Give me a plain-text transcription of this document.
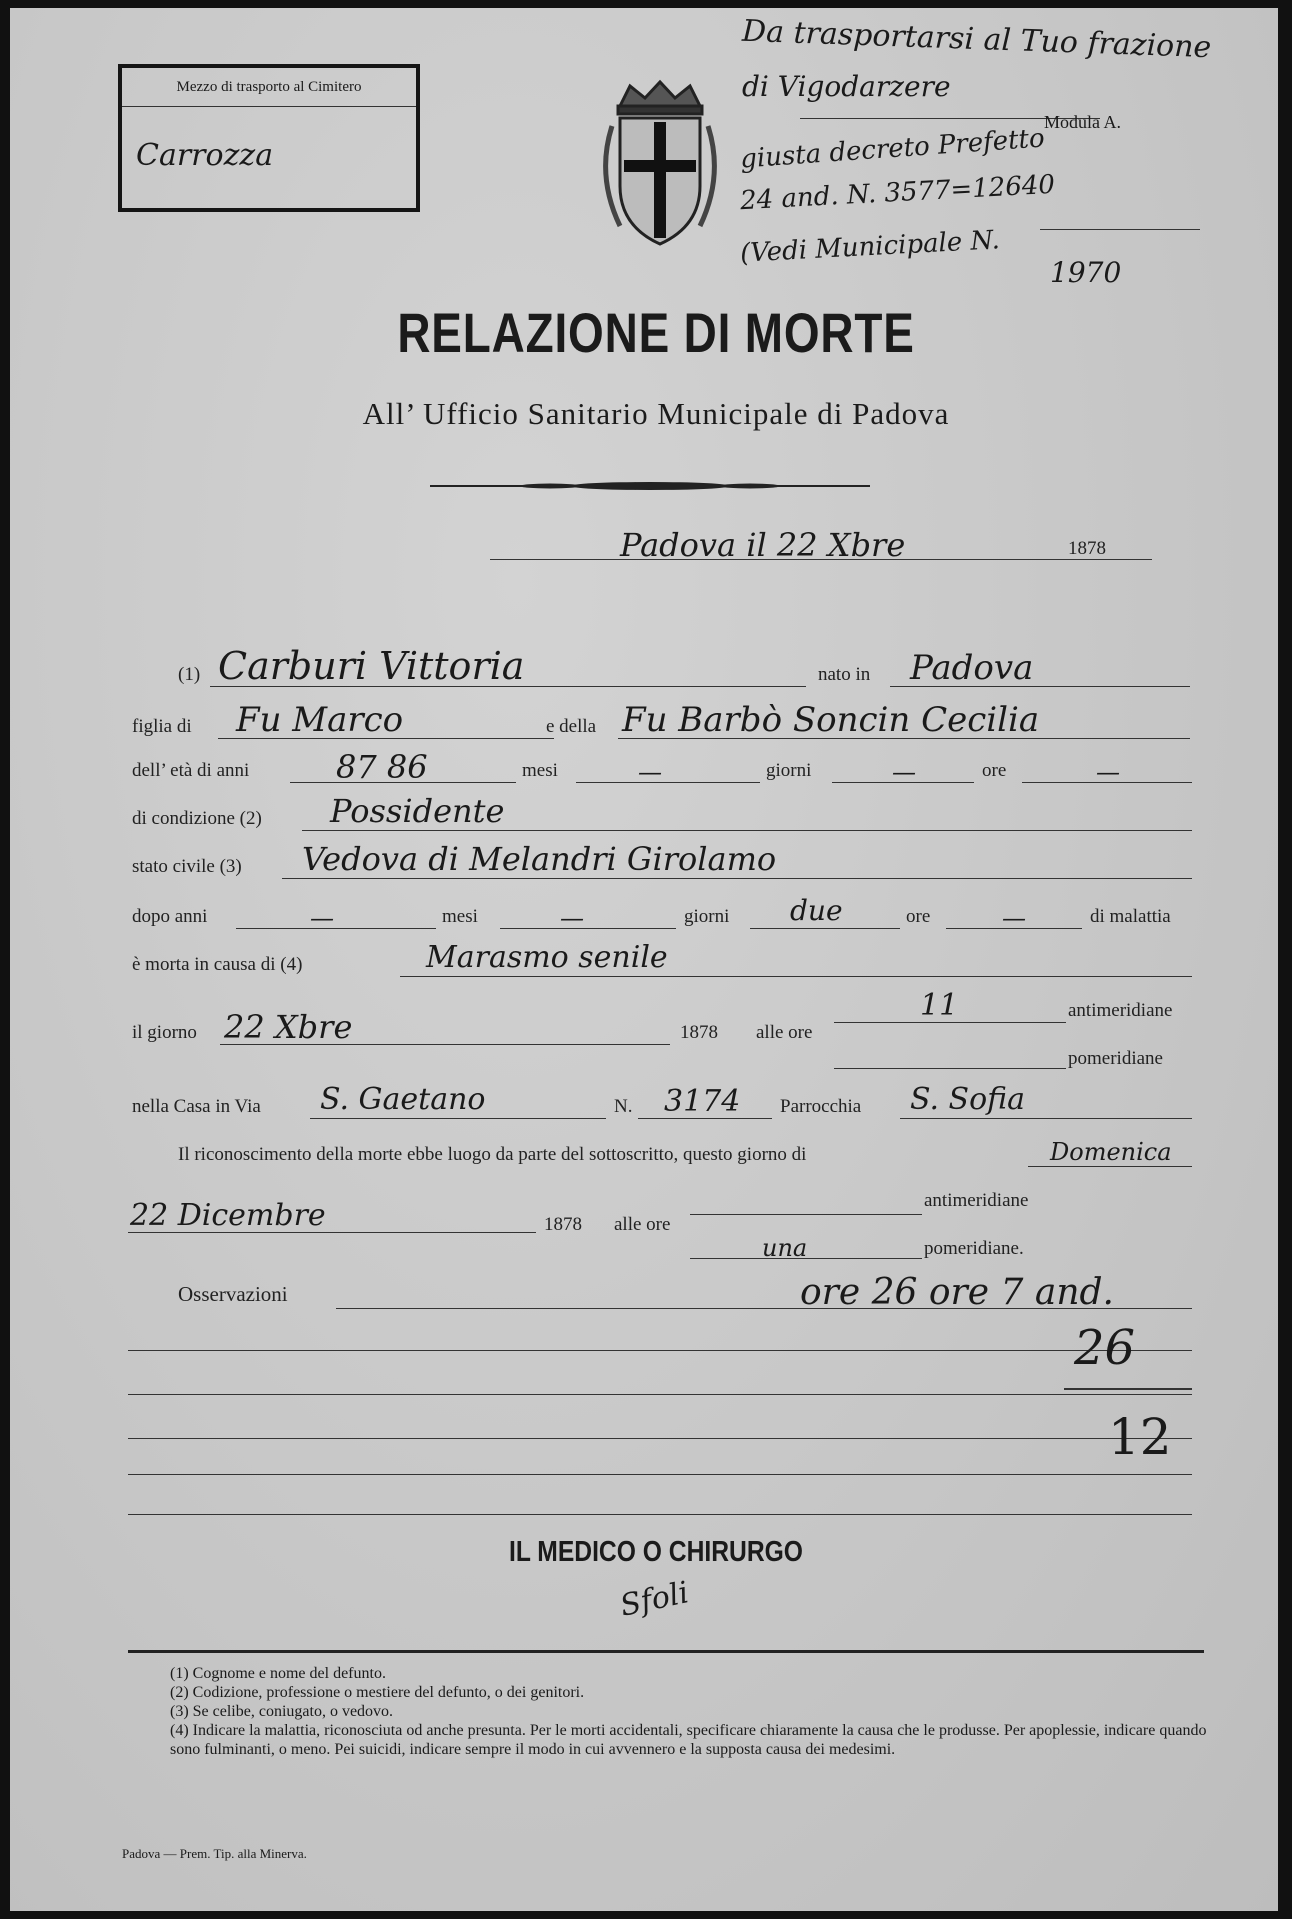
Mezzo di trasporto al Cimitero
Carrozza
Da trasportarsi al Tuo frazione
di Vigodarzere
giusta decreto Prefetto
24 and. N. 3577=12640
(Vedi Municipale N.
1970
Modula A.
RELAZIONE DI MORTE
All’ Ufficio Sanitario Municipale di Padova
Padova il 22 Xbre	1878
(1) Carburi Vittoria	nato in Padova
figlia di Fu Marco	e della Fu Barbò Soncin Cecilia
dell’ età di anni	87 86	mesi	—	giorni	—	ore	—
di condizione (2) Possidente
stato civile (3) Vedova di Melandri Girolamo
dopo anni	—	mesi	—	giorni due	ore	—	di malattia
è morta in causa di (4)	Marasmo senile
il giorno 22 Xbre	1878 alle ore
11	antimeridiane
pomeridiane
nella Casa in Via S. Gaetano	N. 3174 Parrocchia S. Sofia
Il riconoscimento della morte ebbe luogo da parte del sottoscritto, questo giorno di	Domenica
22 Dicembre	1878 alle ore
antimeridiane
una	pomeridiane.
Osservazioni	ore 26 ore 7 and.
26
12
IL MEDICO O CHIRURGO
Sfoli
(1) Cognome e nome del defunto.
(2) Codizione, professione o mestiere del defunto, o dei genitori.
(3) Se celibe, coniugato, o vedovo.
(4) Indicare la malattia, riconosciuta od anche presunta. Per le morti accidentali, specificare chiaramente la causa che le produsse. Per apoplessie, indicare quando sono fulminanti, o meno. Pei suicidi, indicare sempre il modo in cui avvennero e la supposta causa dei medesimi.
Padova — Prem. Tip. alla Minerva.
